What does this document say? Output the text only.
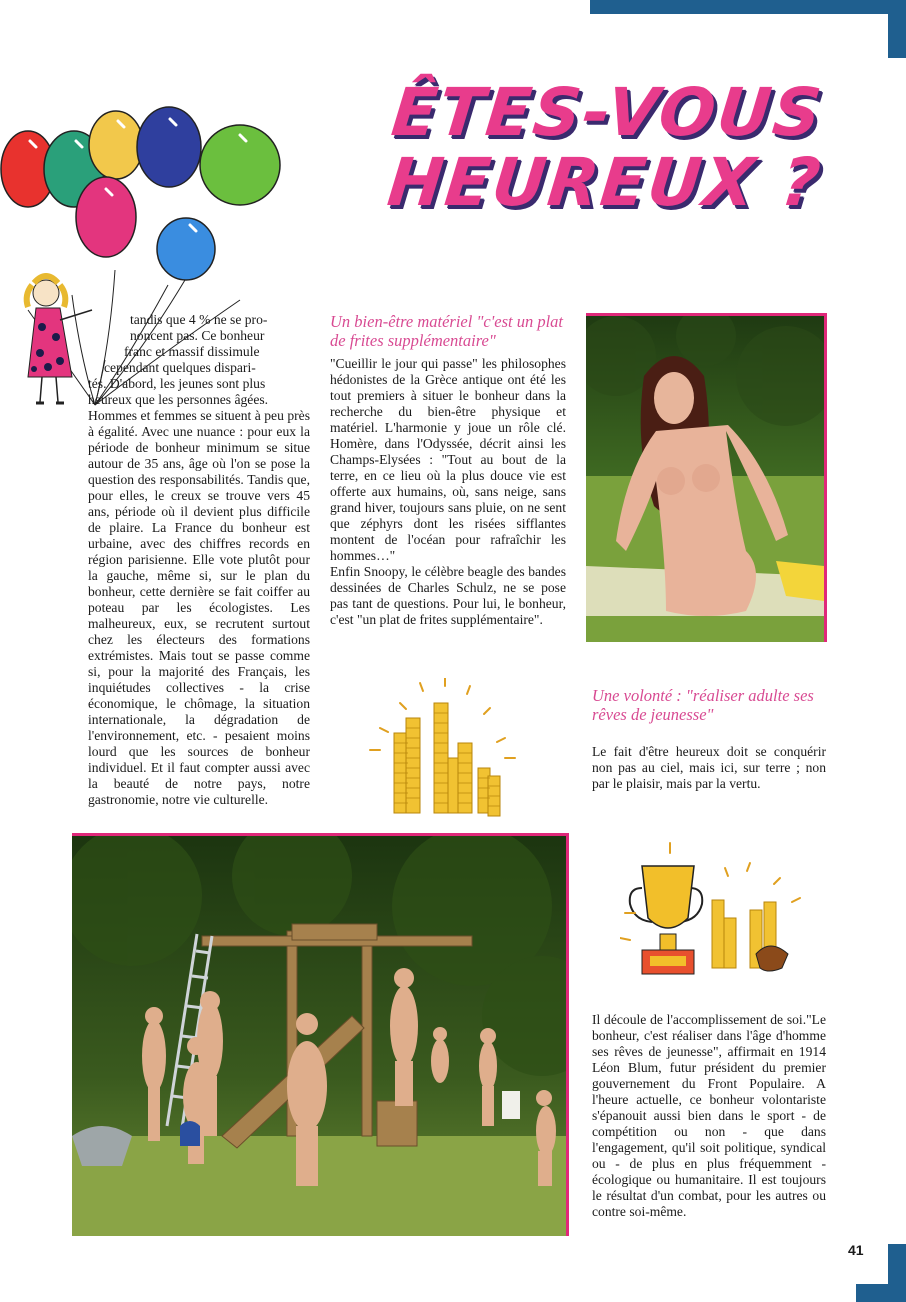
ÊTES-VOUS
HEUREUX ?
tandis que 4 % ne se pro-
noncent pas. Ce bonheur
franc et massif dissimule
cependant quelques dispari-
tés. D'abord, les jeunes sont plus
heureux que les personnes âgées.

Hommes et femmes se situent à peu près à égalité. Avec une nuance : pour eux la période de bonheur minimum se situe autour de 35 ans, âge où l'on se pose la question des responsabilités. Tandis que, pour elles, le creux se trouve vers 45 ans, période où il devient plus difficile de plaire. La France du bonheur est urbaine, avec des chiffres records en région parisienne. Elle vote plutôt pour la gauche, même si, sur le plan du bonheur, cette dernière se fait coiffer au poteau par les écologistes. Les malheureux, eux, se recrutent surtout chez les électeurs des formations extrémistes. Mais tout se passe comme si, pour la majorité des Français, les inquiétudes collectives - la crise économique, le chômage, la situation internationale, la dégradation de l'environnement, etc. - pesaient moins lourd que les sources de bonheur individuel. Et il faut compter aussi avec la beauté de notre pays, notre gastronomie, notre vie culturelle.

Un bien-être matériel "c'est un plat de frites supplémentaire"

"Cueillir le jour qui passe" les philosophes hédonistes de la Grèce antique ont été les tout premiers à situer le bonheur dans la recherche du bien-être physique et matériel. L'harmonie y joue un rôle clé. Homère, dans l'Odyssée, décrit ainsi les Champs-Elysées : "Tout au bout de la terre, en ce lieu où la plus douce vie est offerte aux humains, où, sans neige, sans grand hiver, toujours sans pluie, on ne sent que zéphyrs dont les risées sifflantes montent de l'océan pour rafraîchir les hommes…"

Enfin Snoopy, le célèbre beagle des bandes dessinées de Charles Schulz, ne se pose pas tant de questions. Pour lui, le bonheur, c'est "un plat de frites supplémentaire".

Une volonté : "réaliser adulte ses rêves de jeunesse"
Le fait d'être heureux doit se conquérir non pas au ciel, mais ici, sur terre ; non par le plaisir, mais par la vertu.
Il découle de l'accomplissement de soi."Le bonheur, c'est réaliser dans l'âge d'homme ses rêves de jeunesse", affirmait en 1914 Léon Blum, futur président du premier gouvernement du Front Populaire. A l'heure actuelle, ce bonheur volontariste s'épanouit aussi bien dans le sport - de compétition ou non - que dans l'engagement, qu'il soit politique, syndical ou - de plus en plus fréquemment - écologique ou humanitaire. Il est toujours le résultat d'un combat, pour les autres ou contre soi-même.
41
